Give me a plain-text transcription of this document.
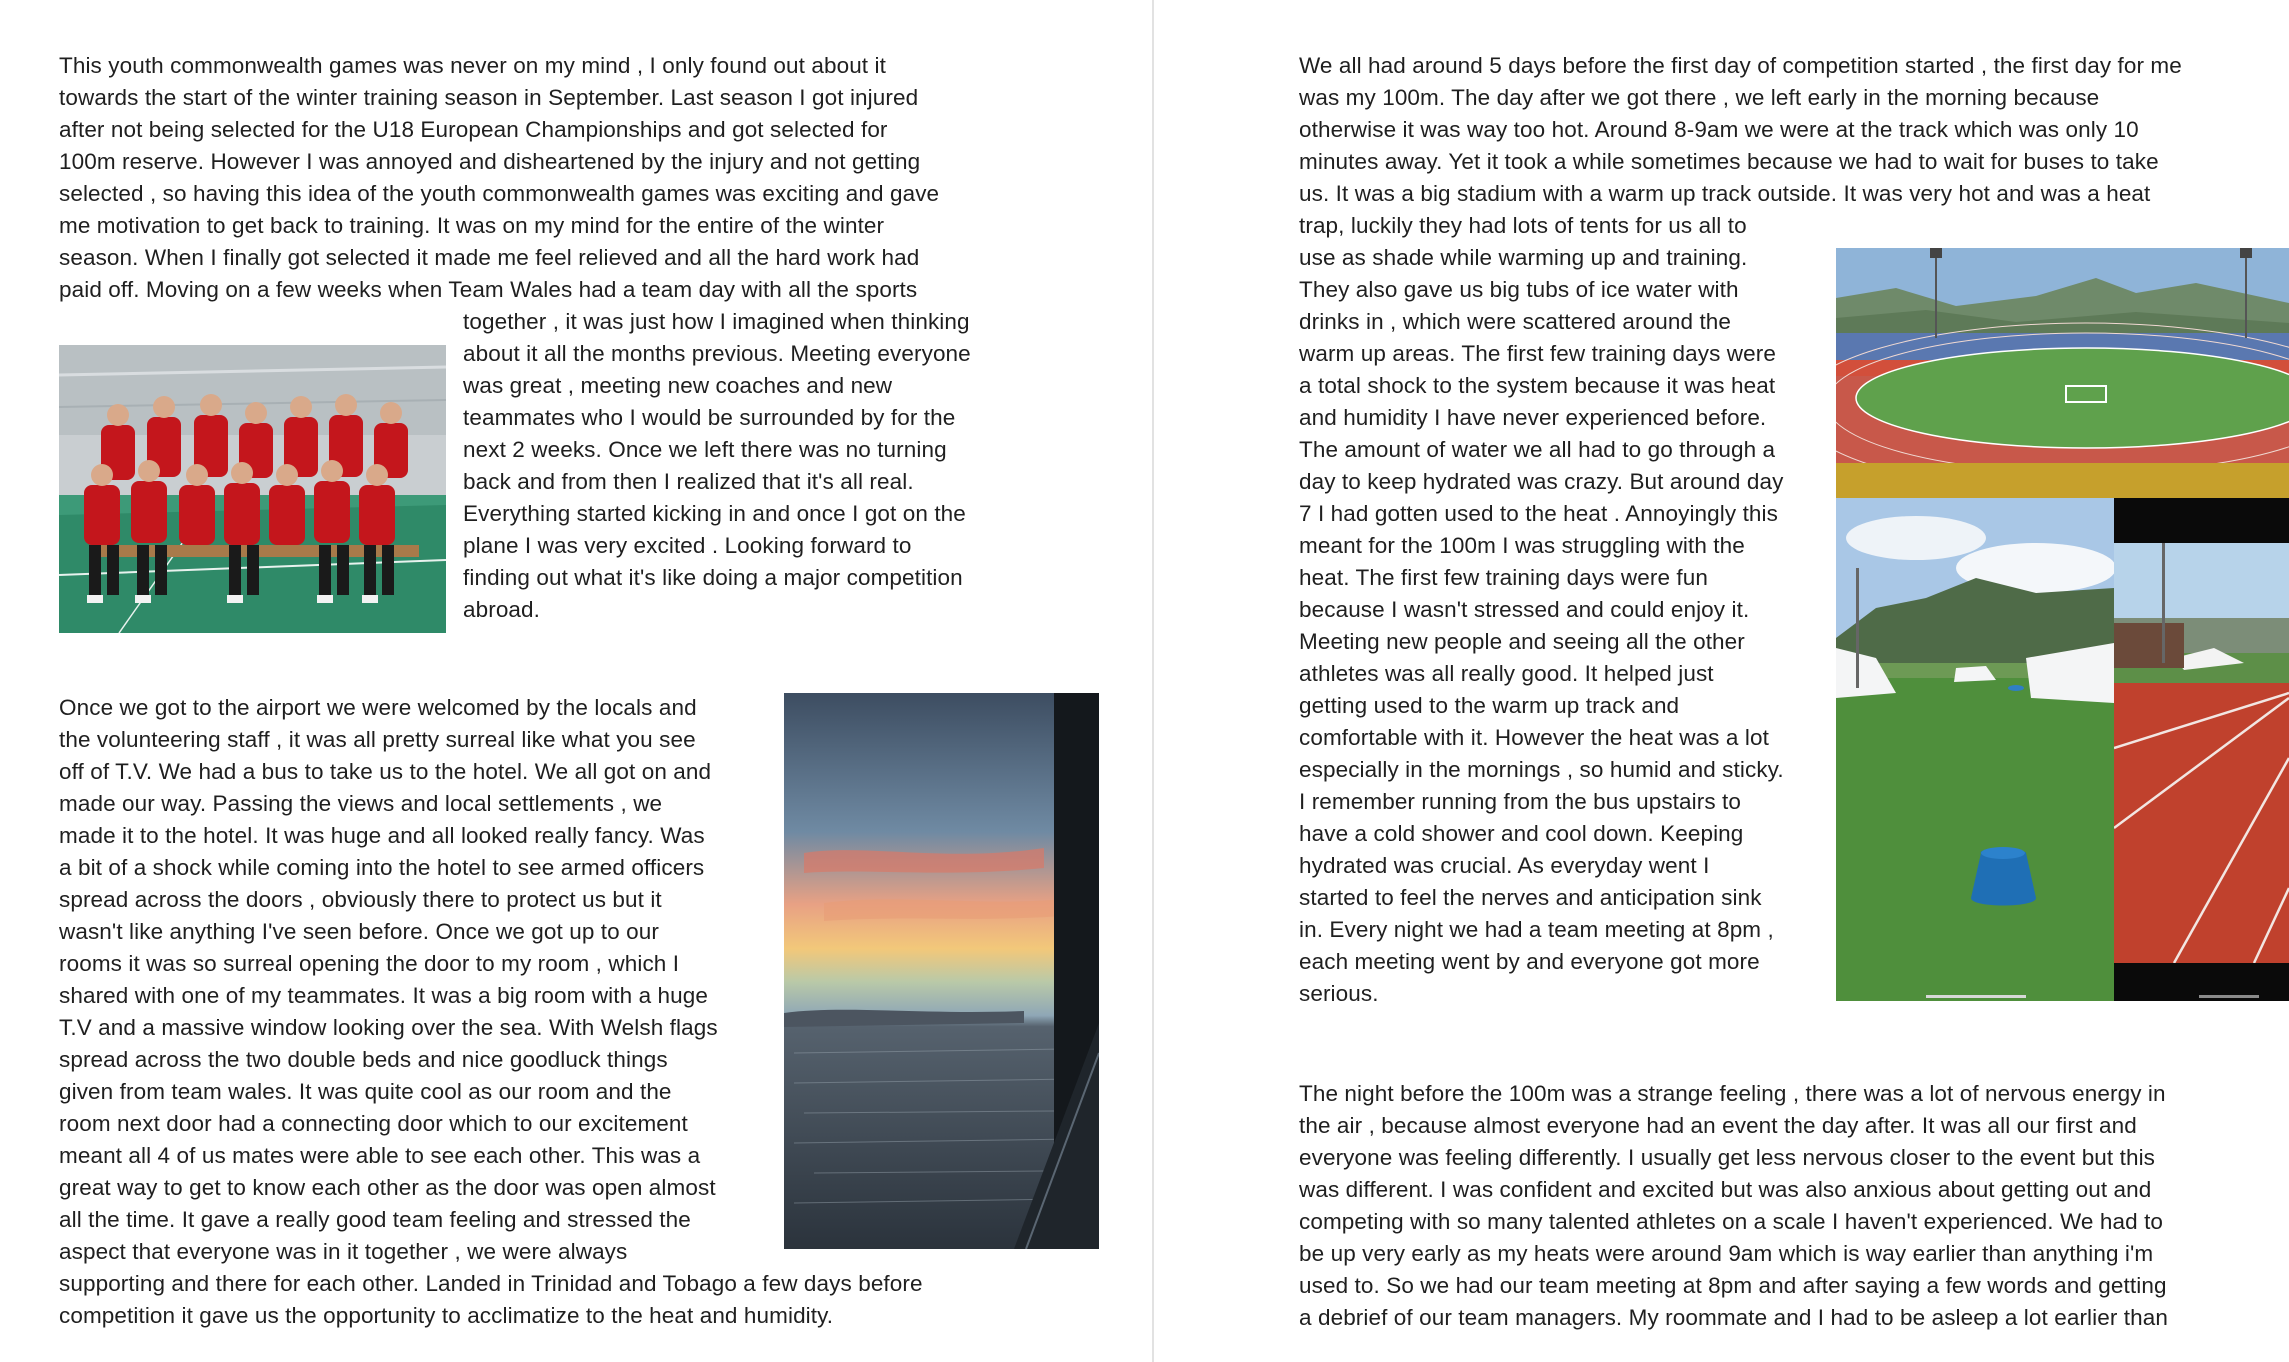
This youth commonwealth games was never on my mind , I only found out about it
towards the start of the winter training season in September. Last season I got injured
after not being selected for the U18 European Championships and got selected for
100m reserve. However I was annoyed and disheartened by the injury and not getting
selected , so having this idea of the youth commonwealth games was exciting and gave
me motivation to get back to training. It was on my mind for the entire of the winter
season. When I finally got selected it made me feel relieved and all the hard work had
paid off. Moving on a few weeks when Team Wales had a team day with all the sports
together , it was just how I imagined when thinking
about it all the months previous. Meeting everyone
was great , meeting new coaches and new
teammates who I would be surrounded by for the
next 2 weeks. Once we left there was no turning
back and from then I realized that it's all real.
Everything started kicking in and once I got on the
plane I was very excited . Looking forward to
finding out what it's like doing a major competition
abroad.
Once we got to the airport we were welcomed by the locals and
the volunteering staff , it was all pretty surreal like what you see
off of T.V. We had a bus to take us to the hotel. We all got on and
made our way. Passing the views and local settlements , we
made it to the hotel. It was huge and all looked really fancy. Was
a bit of a shock while coming into the hotel to see armed officers
spread across the doors , obviously there to protect us but it
wasn't like anything I've seen before. Once we got up to our
rooms it was so surreal opening the door to my room , which I
shared with one of my teammates. It was a big room with a huge
T.V and a massive window looking over the sea. With Welsh flags
spread across the two double beds and nice goodluck things
given from team wales. It was quite cool as our room and the
room next door had a connecting door which to our excitement
meant all 4 of us mates were able to see each other. This was a
great way to get to know each other as the door was open almost
all the time. It gave a really good team feeling and stressed the
aspect that everyone was in it together , we were always
supporting and there for each other. Landed in Trinidad and Tobago a few days before
competition it gave us the opportunity to acclimatize to the heat and humidity.
We all had around 5 days before the first day of competition started , the first day for me
was my 100m. The day after we got there , we left early in the morning because
otherwise it was way too hot. Around 8-9am we were at the track which was only 10
minutes away. Yet it took a while sometimes because we had to wait for buses to take
us. It was a big stadium with a warm up track outside. It was very hot and was a heat
trap, luckily they had lots of tents for us all to
use as shade while warming up and training.
They also gave us big tubs of ice water with
drinks in , which were scattered around the
warm up areas. The first few training days were
a total shock to the system because it was heat
and humidity I have never experienced before.
The amount of water we all had to go through a
day to keep hydrated was crazy. But around day
7 I had gotten used to the heat . Annoyingly this
meant for the 100m I was struggling with the
heat. The first few training days were fun
because I wasn't stressed and could enjoy it.
Meeting new people and seeing all the other
athletes was all really good. It helped just
getting used to the warm up track and
comfortable with it. However the heat was a lot
especially in the mornings , so humid and sticky.
I remember running from the bus upstairs to
have a cold shower and cool down. Keeping
hydrated was crucial. As everyday went I
started to feel the nerves and anticipation sink
in. Every night we had a team meeting at 8pm ,
each meeting went by and everyone got more
serious.
The night before the 100m was a strange feeling , there was a lot of nervous energy in
the air , because almost everyone had an event the day after. It was all our first and
everyone was feeling differently. I usually get less nervous closer to the event but this
was different. I was confident and excited but was also anxious about getting out and
competing with so many talented athletes on a scale I haven't experienced. We had to
be up very early as my heats were around 9am which is way earlier than anything i'm
used to. So we had our team meeting at 8pm and after saying a few words and getting
a debrief of our team managers. My roommate and I had to be asleep a lot earlier than
